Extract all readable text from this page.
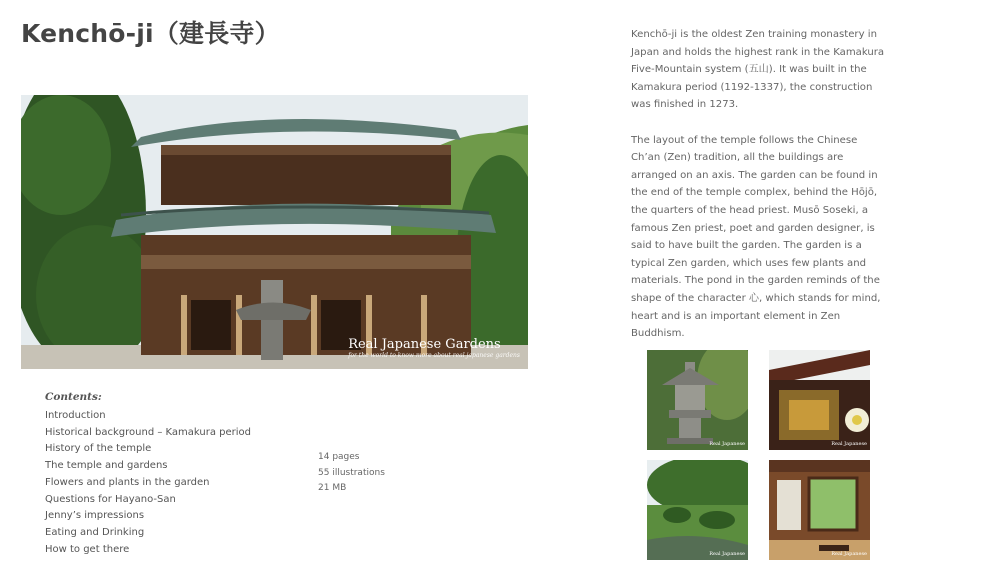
Kenchō-ji（建長寺）
Real Japanese Gardens
for the world to know more about real japanese gardens
Contents:
Introduction
Historical background – Kamakura period
History of the temple
The temple and gardens
Flowers and plants in the garden
Questions for Hayano-San
Jenny’s impressions
Eating and Drinking
How to get there
14 pages
55 illustrations
21 MB

Kenchō-ji is the oldest Zen training monastery in Japan and holds the highest rank in the Kamakura Five-Mountain system (五山). It was built in the Kamakura period (1192-1337), the construction was finished in 1273.

The layout of the temple follows the Chinese Ch’an (Zen) tradition, all the buildings are arranged on an axis. The garden can be found in the end of the temple complex, behind the Hōjō, the quarters of the head priest. Musō Soseki, a famous Zen priest, poet and garden designer, is said to have built the garden. The garden is a typical Zen garden, which uses few plants and materials. The pond in the garden reminds of the shape of the character 心, which stands for mind, heart and is an important element in Zen Buddhism.

Real Japanese	Real Japanese
Real Japanese	Real Japanese
